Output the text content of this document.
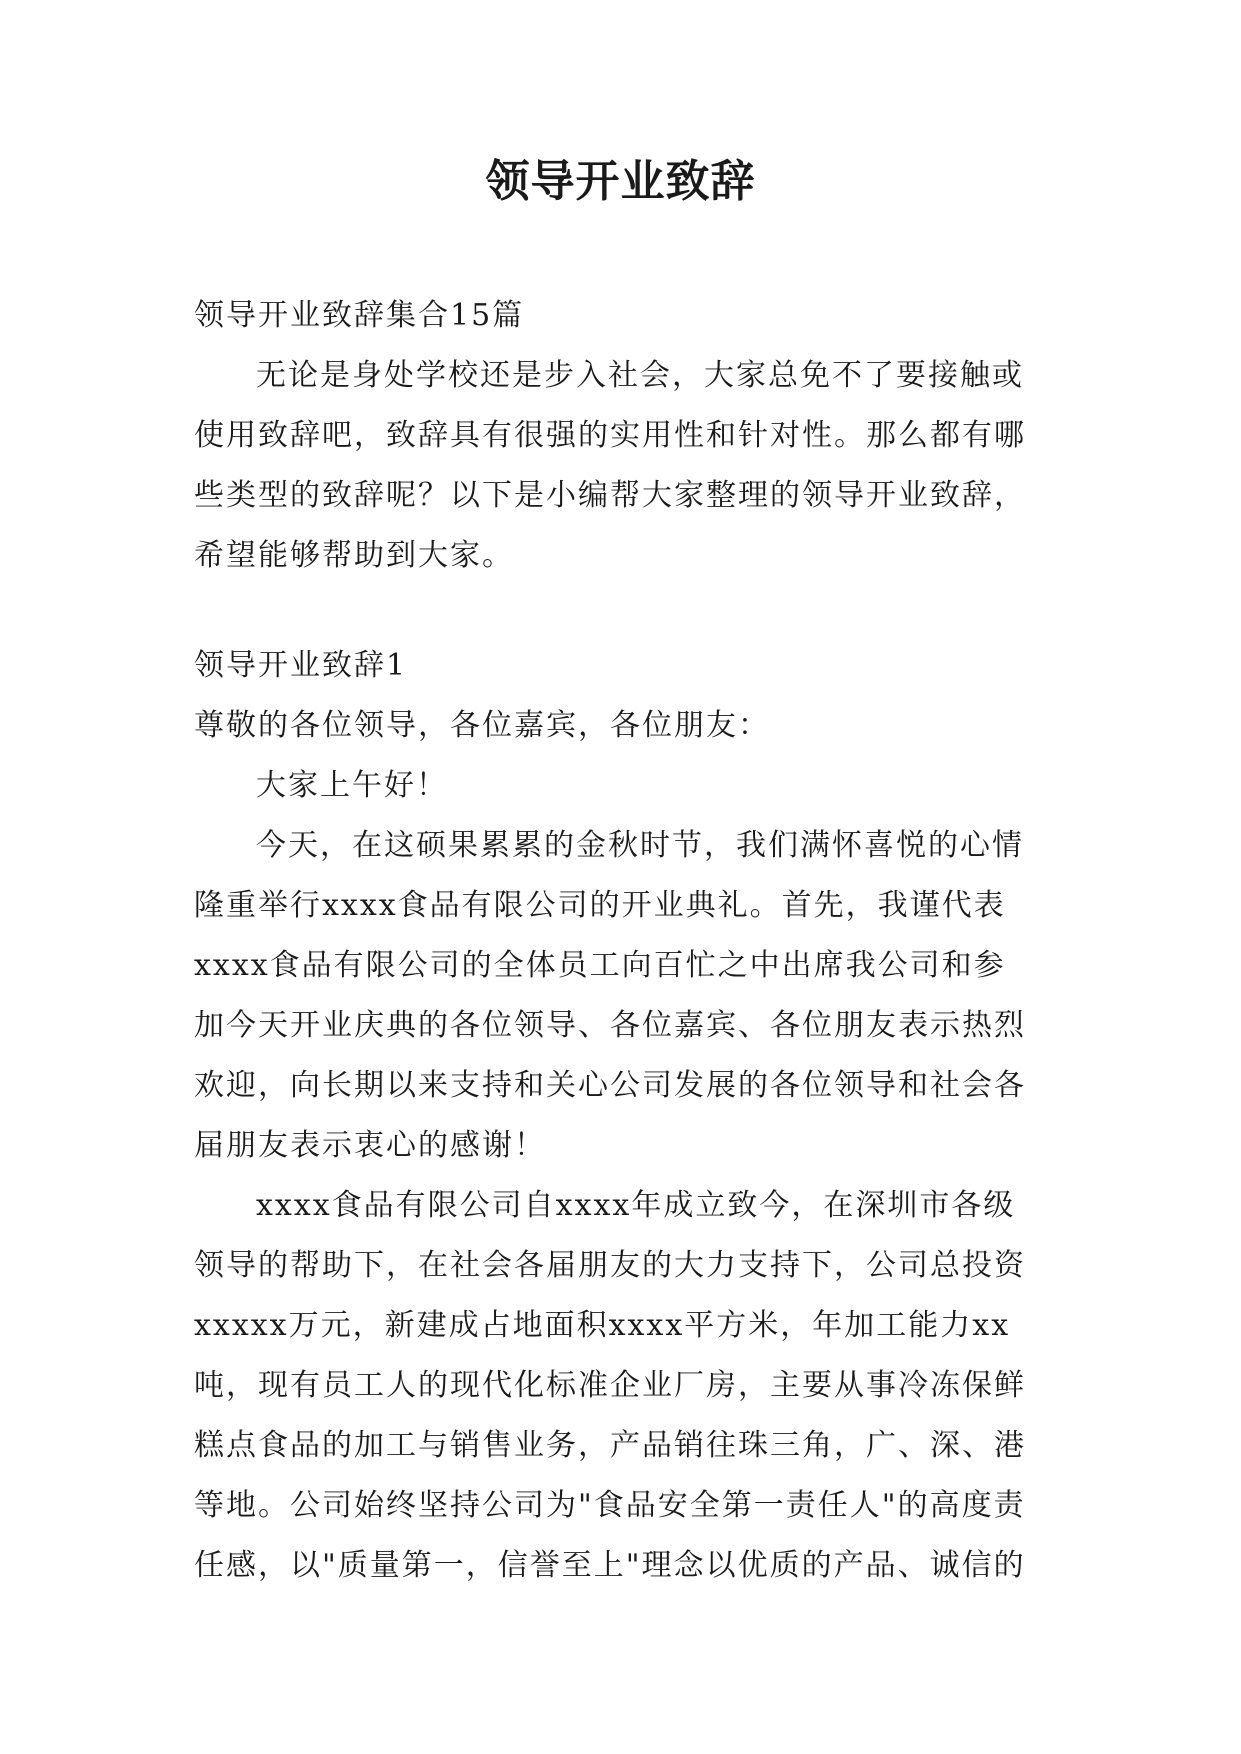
领导开业致辞
领导开业致辞集合15篇
无论是身处学校还是步入社会，大家总免不了要接触或
使用致辞吧，致辞具有很强的实用性和针对性。那么都有哪
些类型的致辞呢？以下是小编帮大家整理的领导开业致辞，
希望能够帮助到大家。
领导开业致辞1
尊敬的各位领导，各位嘉宾，各位朋友：
大家上午好！
今天，在这硕果累累的金秋时节，我们满怀喜悦的心情
隆重举行xxxx食品有限公司的开业典礼。首先，我谨代表
xxxx食品有限公司的全体员工向百忙之中出席我公司和参
加今天开业庆典的各位领导、各位嘉宾、各位朋友表示热烈
欢迎，向长期以来支持和关心公司发展的各位领导和社会各
届朋友表示衷心的感谢！
xxxx食品有限公司自xxxx年成立致今，在深圳市各级
领导的帮助下，在社会各届朋友的大力支持下，公司总投资
xxxxx万元，新建成占地面积xxxx平方米，年加工能力xx
吨，现有员工人的现代化标准企业厂房，主要从事冷冻保鲜
糕点食品的加工与销售业务，产品销往珠三角，广、深、港
等地。公司始终坚持公司为"食品安全第一责任人"的高度责
任感，以"质量第一，信誉至上"理念以优质的产品、诚信的
